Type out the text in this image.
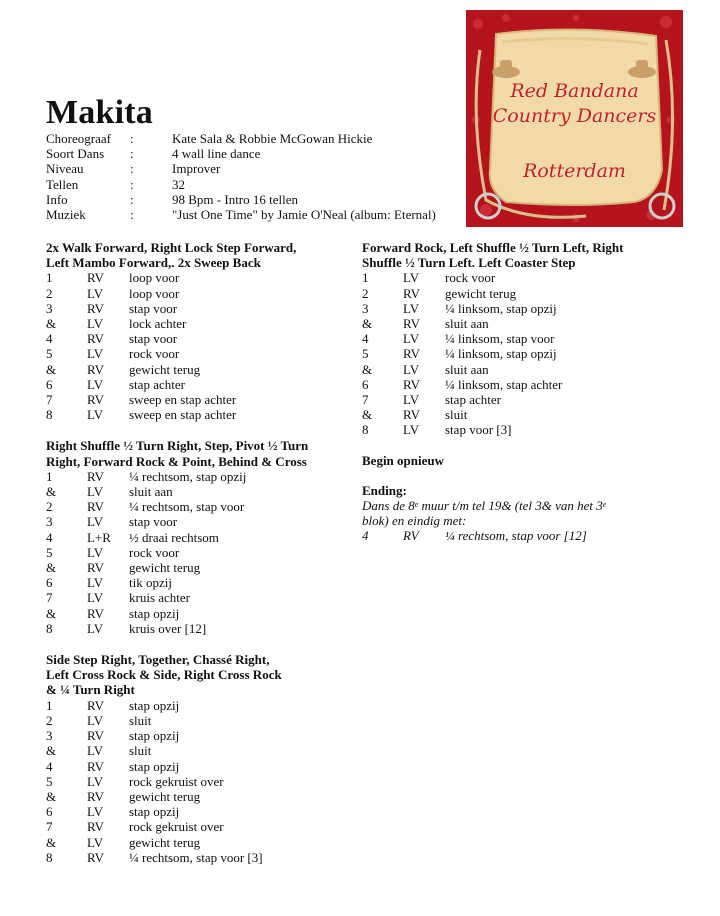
Makita
Choreograaf	:	Kate Sala & Robbie McGowan Hickie
Soort Dans	:	4 wall line dance
Niveau	:	Improver
Tellen	:	32
Info	:	98 Bpm - Intro 16 tellen
Muziek	:	"Just One Time" by Jamie O'Neal (album: Eternal)
Red Bandana
Country Dancers
Rotterdam

2x Walk Forward, Right Lock Step Forward,
Left Mambo Forward,. 2x Sweep Back

1	RV	loop voor
2	LV	loop voor
3	RV	stap voor
&	LV	lock achter
4	RV	stap voor
5	LV	rock voor
&	RV	gewicht terug
6	LV	stap achter
7	RV	sweep en stap achter
8	LV	sweep en stap achter

Right Shuffle ½ Turn Right, Step, Pivot ½ Turn
Right, Forward Rock & Point, Behind & Cross

1	RV	¼ rechtsom, stap opzij
&	LV	sluit aan
2	RV	¼ rechtsom, stap voor
3	LV	stap voor
4	L+R	½ draai rechtsom
5	LV	rock voor
&	RV	gewicht terug
6	LV	tik opzij
7	LV	kruis achter
&	RV	stap opzij
8	LV	kruis over [12]

Side Step Right, Together, Chassé Right,
Left Cross Rock & Side, Right Cross Rock
& ¼ Turn Right

1	RV	stap opzij
2	LV	sluit
3	RV	stap opzij
&	LV	sluit
4	RV	stap opzij
5	LV	rock gekruist over
&	RV	gewicht terug
6	LV	stap opzij
7	RV	rock gekruist over
&	LV	gewicht terug
8	RV	¼ rechtsom, stap voor [3]

Forward Rock, Left Shuffle ½ Turn Left, Right
Shuffle ½ Turn Left. Left Coaster Step

1	LV	rock voor
2	RV	gewicht terug
3	LV	¼ linksom, stap opzij
&	RV	sluit aan
4	LV	¼ linksom, stap voor
5	RV	¼ linksom, stap opzij
&	LV	sluit aan
6	RV	¼ linksom, stap achter
7	LV	stap achter
&	RV	sluit
8	LV	stap voor [3]

Begin opnieuw

Ending:

Dans de 8e muur t/m tel 19& (tel 3& van het 3e
blok) en eindig met:
4	RV	¼ rechtsom, stap voor [12]
